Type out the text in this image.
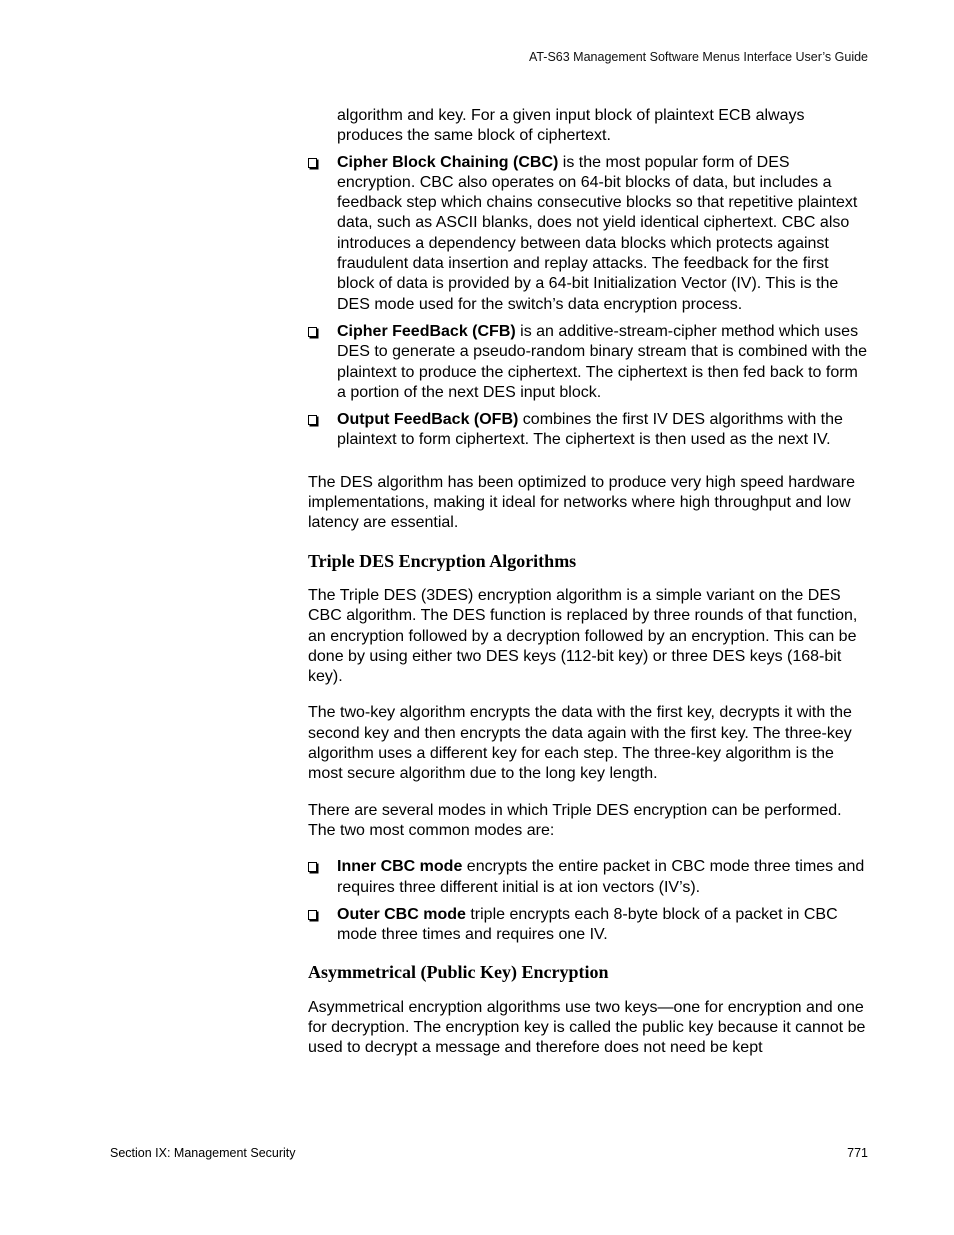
AT-S63 Management Software Menus Interface User’s Guide
algorithm and key. For a given input block of plaintext ECB always produces the same block of ciphertext.
Cipher Block Chaining (CBC) is the most popular form of DES encryption. CBC also operates on 64-bit blocks of data, but includes a feedback step which chains consecutive blocks so that repetitive plaintext data, such as ASCII blanks, does not yield identical ciphertext. CBC also introduces a dependency between data blocks which protects against fraudulent data insertion and replay attacks. The feedback for the first block of data is provided by a 64-bit Initialization Vector (IV). This is the DES mode used for the switch’s data encryption process.
Cipher FeedBack (CFB) is an additive-stream-cipher method which uses DES to generate a pseudo-random binary stream that is combined with the plaintext to produce the ciphertext. The ciphertext is then fed back to form a portion of the next DES input block.
Output FeedBack (OFB) combines the first IV DES algorithms with the plaintext to form ciphertext. The ciphertext is then used as the next IV.
The DES algorithm has been optimized to produce very high speed hardware implementations, making it ideal for networks where high throughput and low latency are essential.
Triple DES Encryption Algorithms
The Triple DES (3DES) encryption algorithm is a simple variant on the DES CBC algorithm. The DES function is replaced by three rounds of that function, an encryption followed by a decryption followed by an encryption. This can be done by using either two DES keys (112-bit key) or three DES keys (168-bit key).
The two-key algorithm encrypts the data with the first key, decrypts it with the second key and then encrypts the data again with the first key. The three-key algorithm uses a different key for each step. The three-key algorithm is the most secure algorithm due to the long key length.
There are several modes in which Triple DES encryption can be performed. The two most common modes are:
Inner CBC mode encrypts the entire packet in CBC mode three times and requires three different initial is at ion vectors (IV’s).
Outer CBC mode triple encrypts each 8-byte block of a packet in CBC mode three times and requires one IV.
Asymmetrical (Public Key) Encryption
Asymmetrical encryption algorithms use two keys—one for encryption and one for decryption. The encryption key is called the public key because it cannot be used to decrypt a message and therefore does not need be kept
Section IX: Management Security	771
